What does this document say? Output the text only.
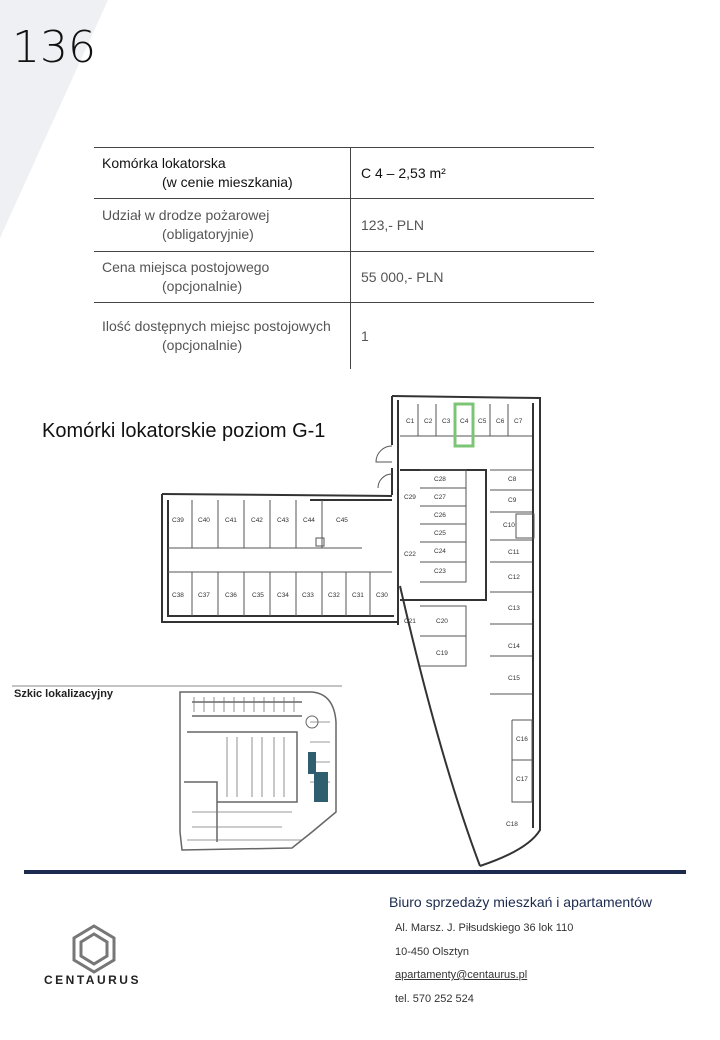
136
Komórka lokatorska
(w cenie mieszkania)	C 4 – 2,53 m²
Udział w drodze pożarowej
(obligatoryjnie)	123,- PLN
Cena miejsca postojowego
(opcjonalnie)	55 000,- PLN
Ilość dostępnych miejsc postojowych
(opcjonalnie)	1
Komórki lokatorskie poziom G-1	C1 C2 C3 C4 C5 C6 C7
C8
C9
C10
C11
C12
C13
C14
C15
C16
C17
C18
C19
C20
C21
C22
C23
C24
C25
C26
C27
C28
C29
C30
C31
C32
C33
C34
C35
C36
C37
C38
C39 C40 C41 C42 C43 C44	C45
Szkic lokalizacyjny
CENTAURUS
Biuro sprzedaży mieszkań i apartamentów
Al. Marsz. J. Piłsudskiego 36 lok 110
10-450 Olsztyn
apartamenty@centaurus.pl
tel. 570 252 524
